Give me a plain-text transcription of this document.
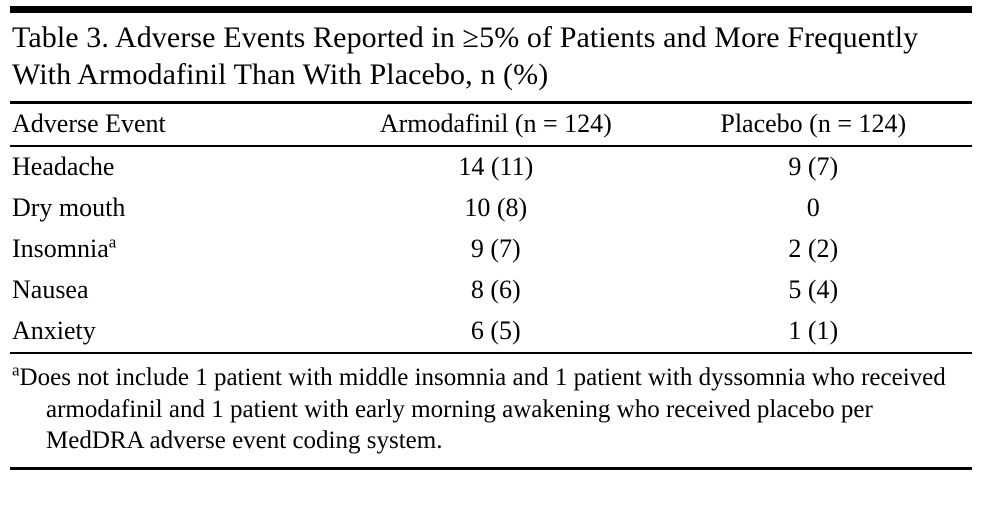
Table 3. Adverse Events Reported in ≥5% of Patients and More Frequently With Armodafinil Than With Placebo, n (%)
Adverse Event	Armodafinil (n = 124)	Placebo (n = 124)
Headache	14 (11)	9 (7)
Dry mouth	10 (8)	0
Insomnia$^a$	9 (7)	2 (2)
Nausea	8 (6)	5 (4)
Anxiety	6 (5)	1 (1)
$^a$Does not include 1 patient with middle insomnia and 1 patient with dyssomnia who received armodafinil and 1 patient with early morning awakening who received placebo per MedDRA adverse event coding system.
